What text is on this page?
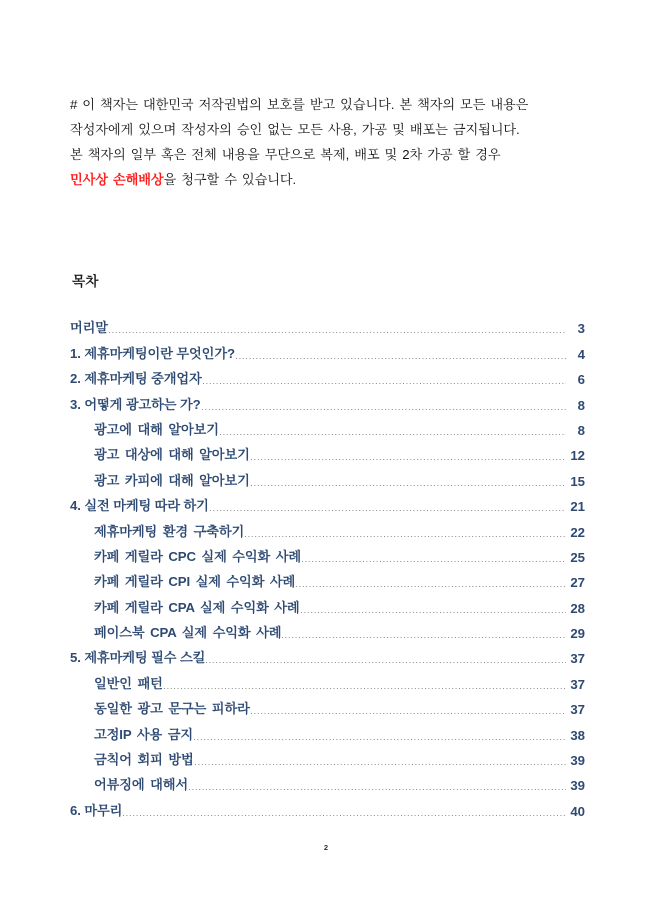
# 이 책자는 대한민국 저작권법의 보호를 받고 있습니다. 본 책자의 모든 내용은
작성자에게 있으며 작성자의 승인 없는 모든 사용, 가공 및 배포는 금지됩니다.
본 책자의 일부 혹은 전체 내용을 무단으로 복제, 배포 및 2차 가공 할 경우
민사상 손해배상을 청구할 수 있습니다.
목차
머리말	3
1. 제휴마케팅이란 무엇인가?	4
2. 제휴마케팅 중개업자	6
3. 어떻게 광고하는 가?	8
광고에 대해 알아보기	8
광고 대상에 대해 알아보기	12
광고 카피에 대해 알아보기	15
4. 실전 마케팅 따라 하기	21
제휴마케팅 환경 구축하기	22
카페 게릴라 CPC 실제 수익화 사례	25
카페 게릴라 CPI 실제 수익화 사례	27
카페 게릴라 CPA 실제 수익화 사례	28
페이스북 CPA 실제 수익화 사례	29
5. 제휴마케팅 필수 스킬	37
일반인 패턴	37
동일한 광고 문구는 피하라	37
고정IP 사용 금지	38
금칙어 회피 방법	39
어뷰징에 대해서	39
6. 마무리	40
2
